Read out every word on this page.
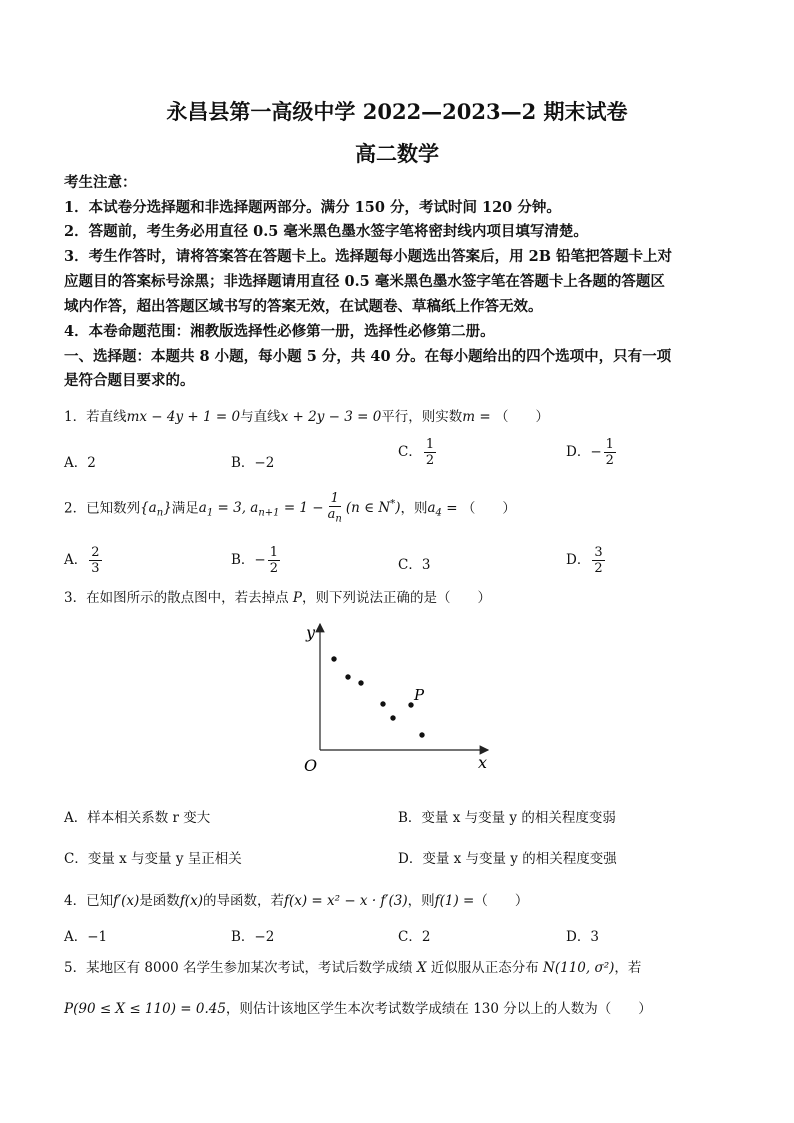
永昌县第一高级中学 2022—2023—2 期末试卷
高二数学
考生注意：
1．本试卷分选择题和非选择题两部分。满分 150 分，考试时间 120 分钟。
2．答题前，考生务必用直径 0.5 毫米黑色墨水签字笔将密封线内项目填写清楚。
3．考生作答时，请将答案答在答题卡上。选择题每小题选出答案后，用 2B 铅笔把答题卡上对
应题目的答案标号涂黑；非选择题请用直径 0.5 毫米黑色墨水签字笔在答题卡上各题的答题区
域内作答，超出答题区域书写的答案无效，在试题卷、草稿纸上作答无效。
4．本卷命题范围：湘教版选择性必修第一册，选择性必修第二册。
一、选择题：本题共 8 小题，每小题 5 分，共 40 分。在每小题给出的四个选项中，只有一项
是符合题目要求的。
1．若直线mx − 4y + 1 = 0与直线x + 2y − 3 = 0平行，则实数m = （　　）
A．2	B．−2
C． $\frac{1}{2}$	D．− $\frac{1}{2}$
2．已知数列$\{a_n\}$满足$a_1 = 3$, $a_{n+1} = 1 - \frac{1}{a_n} (n$ ∈ N*)，则$a_4$ = （　　）
A． $\frac{2}{3}$	B．− $\frac{1}{2}$	C．3	D． $\frac{3}{2}$
3．在如图所示的散点图中，若去掉点 P，则下列说法正确的是（　　）
y
x
O
P
A．样本相关系数 r 变大	B．变量 x 与变量 y 的相关程度变弱
C．变量 x 与变量 y 呈正相关	D．变量 x 与变量 y 的相关程度变强
4．已知f′(x)是函数f(x)的导函数，若f(x) = x² − x · f′(3)，则f(1) =（　　）
A．−1	B．−2	C．2	D．3
5．某地区有 8000 名学生参加某次考试，考试后数学成绩 X 近似服从正态分布 N(110, σ²)，若
P(90 ≤ X ≤ 110) = 0.45，则估计该地区学生本次考试数学成绩在 130 分以上的人数为（　　）
